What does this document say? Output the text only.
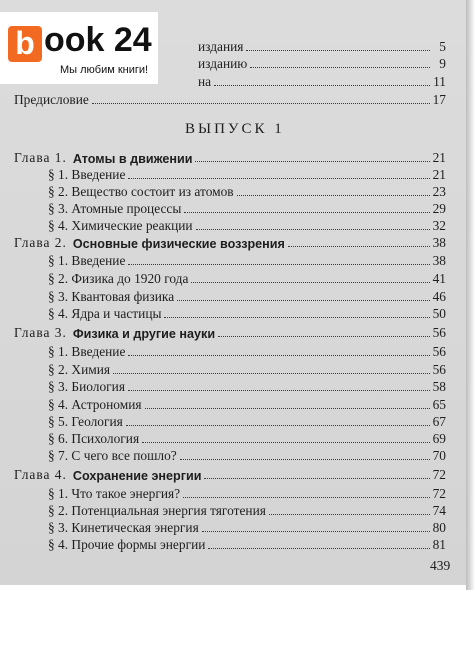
издания	5
изданию	9
на	11
Предисловие	17
Глава 1. Атомы в движении	21
§ 1. Введение	21
§ 2. Вещество состоит из атомов	23
§ 3. Атомные процессы	29
§ 4. Химические реакции	32
Глава 2. Основные физические воззрения	38
§ 1. Введение	38
§ 2. Физика до 1920 года	41
§ 3. Квантовая физика	46
§ 4. Ядра и частицы	50
Глава 3. Физика и другие науки	56
§ 1. Введение	56
§ 2. Химия	56
§ 3. Биология	58
§ 4. Астрономия	65
§ 5. Геология	67
§ 6. Психология	69
§ 7. С чего все пошло?	70
Глава 4. Сохранение энергии	72
§ 1. Что такое энергия?	72
§ 2. Потенциальная энергия тяготения	74
§ 3. Кинетическая энергия	80
§ 4. Прочие формы энергии	81
ВЫПУСК 1
439
b ook 24
Мы любим книги!
